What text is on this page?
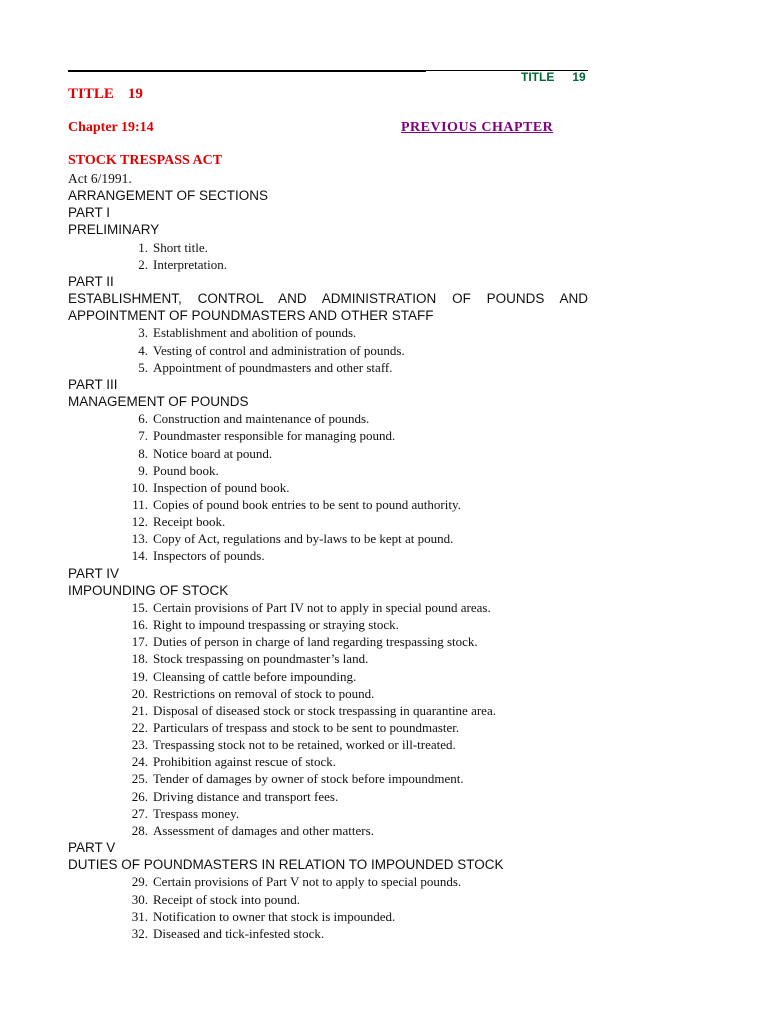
TITLE 19
TITLE 19
Chapter 19:14	PREVIOUS CHAPTER
STOCK TRESPASS ACT
Act 6/1991.
ARRANGEMENT OF SECTIONS
PART I
PRELIMINARY
1. Short title.
2. Interpretation.
PART II
ESTABLISHMENT, CONTROL AND ADMINISTRATION OF POUNDS AND
APPOINTMENT OF POUNDMASTERS AND OTHER STAFF
3. Establishment and abolition of pounds.
4. Vesting of control and administration of pounds.
5. Appointment of poundmasters and other staff.
PART III
MANAGEMENT OF POUNDS
6. Construction and maintenance of pounds.
7. Poundmaster responsible for managing pound.
8. Notice board at pound.
9. Pound book.
10. Inspection of pound book.
11. Copies of pound book entries to be sent to pound authority.
12. Receipt book.
13. Copy of Act, regulations and by-laws to be kept at pound.
14. Inspectors of pounds.
PART IV
IMPOUNDING OF STOCK
15. Certain provisions of Part IV not to apply in special pound areas.
16. Right to impound trespassing or straying stock.
17. Duties of person in charge of land regarding trespassing stock.
18. Stock trespassing on poundmaster’s land.
19. Cleansing of cattle before impounding.
20. Restrictions on removal of stock to pound.
21. Disposal of diseased stock or stock trespassing in quarantine area.
22. Particulars of trespass and stock to be sent to poundmaster.
23. Trespassing stock not to be retained, worked or ill-treated.
24. Prohibition against rescue of stock.
25. Tender of damages by owner of stock before impoundment.
26. Driving distance and transport fees.
27. Trespass money.
28. Assessment of damages and other matters.
PART V
DUTIES OF POUNDMASTERS IN RELATION TO IMPOUNDED STOCK
29. Certain provisions of Part V not to apply to special pounds.
30. Receipt of stock into pound.
31. Notification to owner that stock is impounded.
32. Diseased and tick-infested stock.
